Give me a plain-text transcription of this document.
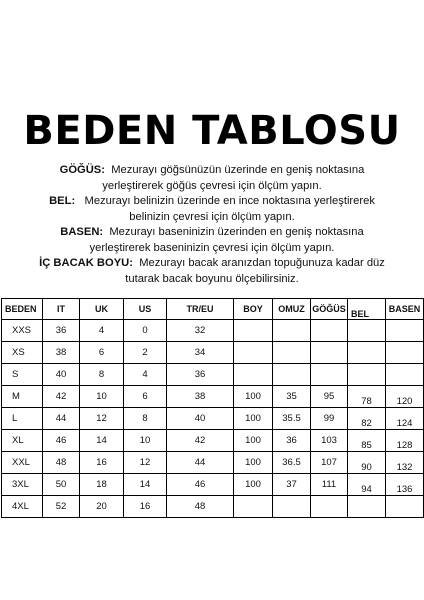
BEDEN TABLOSU
GÖĞÜS: Mezurayı göğsünüzün üzerinde en geniş noktasına
yerleştirerek göğüs çevresi için ölçüm yapın.
BEL: Mezurayı belinizin üzerinde en ince noktasına yerleştirerek
belinizin çevresi için ölçüm yapın.
BASEN: Mezurayı baseninizin üzerinden en geniş noktasına
yerleştirerek baseninizin çevresi için ölçüm yapın.
İÇ BACAK BOYU: Mezurayı bacak aranızdan topuğunuza kadar düz
tutarak bacak boyunu ölçebilirsiniz.
BEDEN	IT	UK	US	TR/EU	BOY	OMUZ	GÖĞÜS	BEL	BASEN
XXS	36	4	0	32					
XS	38	6	2	34					
S	40	8	4	36					
M	42	10	6	38	100	35	95	78	120
L	44	12	8	40	100	35.5	99	82	124
XL	46	14	10	42	100	36	103	85	128
XXL	48	16	12	44	100	36.5	107	90	132
3XL	50	18	14	46	100	37	111	94	136
4XL	52	20	16	48					
